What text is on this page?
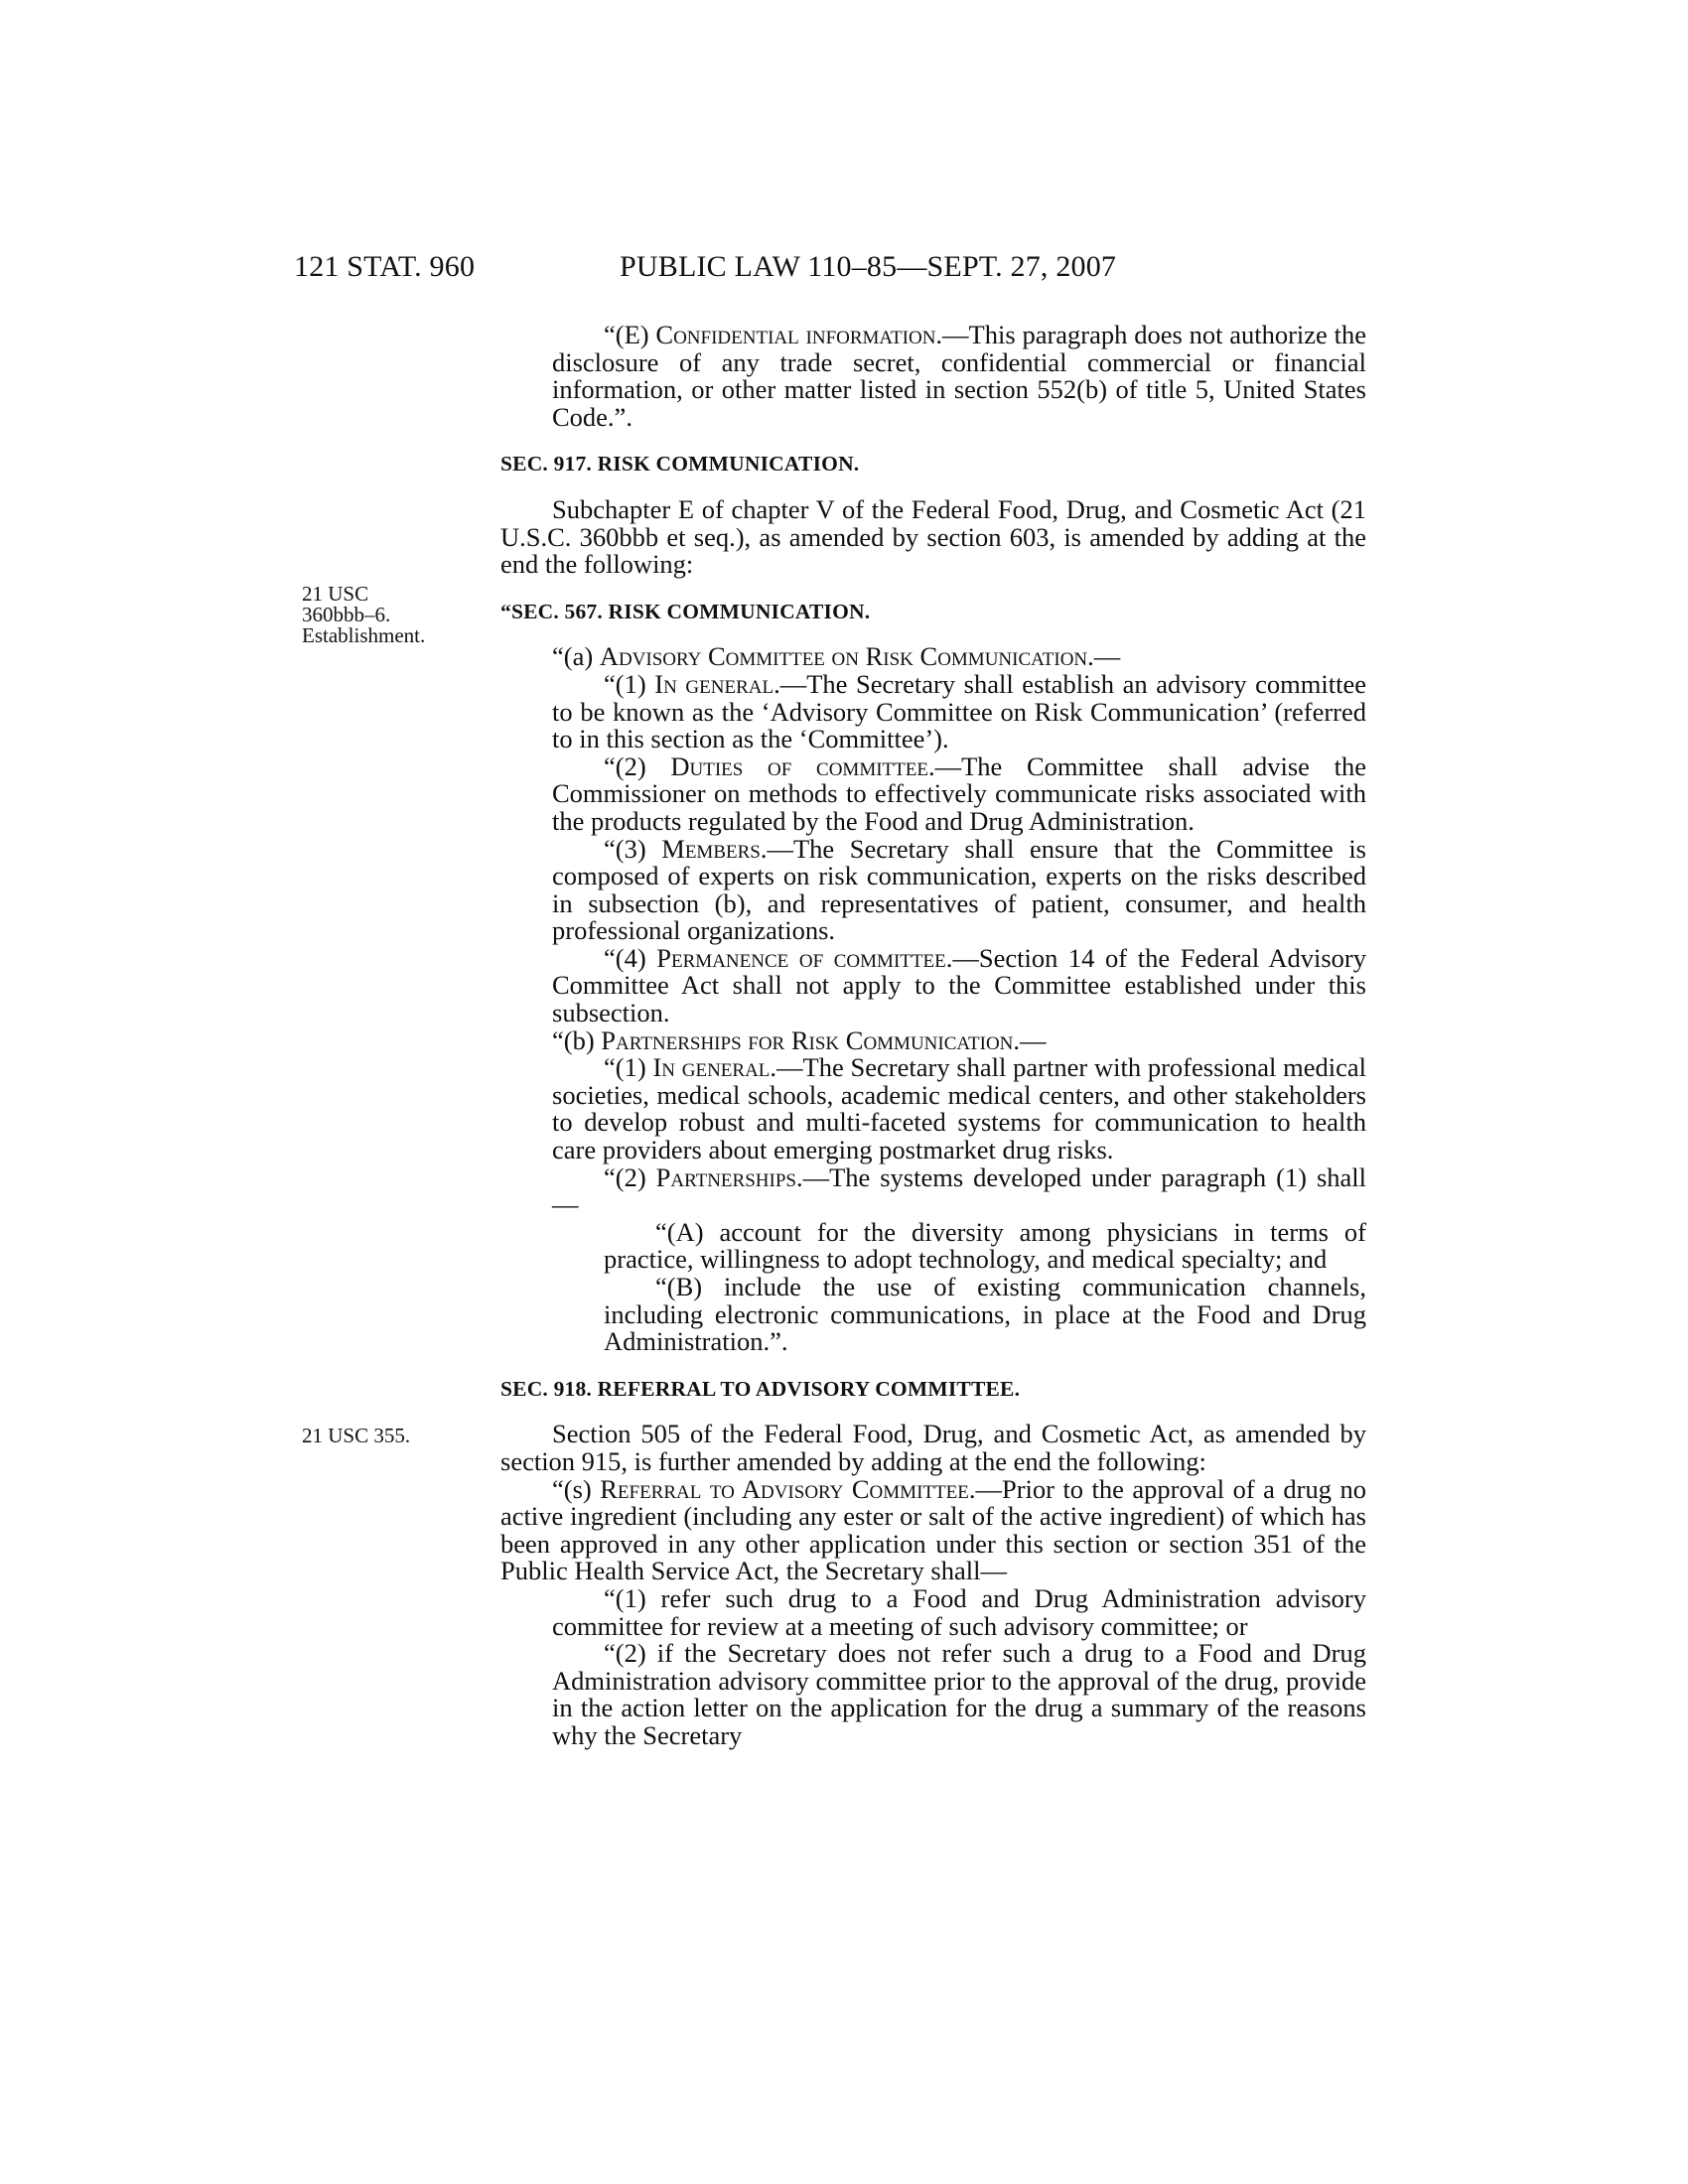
121 STAT. 960	PUBLIC LAW 110–85—SEPT. 27, 2007
21 USC
360bbb–6.
Establishment.
21 USC 355.

“(E) Confidential information.—This paragraph does not authorize the disclosure of any trade secret, confidential commercial or financial information, or other matter listed in section 552(b) of title 5, United States Code.”.

SEC. 917. RISK COMMUNICATION.

Subchapter E of chapter V of the Federal Food, Drug, and Cosmetic Act (21 U.S.C. 360bbb et seq.), as amended by section 603, is amended by adding at the end the following:

“SEC. 567. RISK COMMUNICATION.

“(a) Advisory Committee on Risk Communication.—

“(1) In general.—The Secretary shall establish an advisory committee to be known as the ‘Advisory Committee on Risk Communication’ (referred to in this section as the ‘Committee’).

“(2) Duties of committee.—The Committee shall advise the Commissioner on methods to effectively communicate risks associated with the products regulated by the Food and Drug Administration.

“(3) Members.—The Secretary shall ensure that the Committee is composed of experts on risk communication, experts on the risks described in subsection (b), and representatives of patient, consumer, and health professional organizations.

“(4) Permanence of committee.—Section 14 of the Federal Advisory Committee Act shall not apply to the Committee established under this subsection.

“(b) Partnerships for Risk Communication.—

“(1) In general.—The Secretary shall partner with professional medical societies, medical schools, academic medical centers, and other stakeholders to develop robust and multi-faceted systems for communication to health care providers about emerging postmarket drug risks.

“(2) Partnerships.—The systems developed under paragraph (1) shall—

“(A) account for the diversity among physicians in terms of practice, willingness to adopt technology, and medical specialty; and

“(B) include the use of existing communication channels, including electronic communications, in place at the Food and Drug Administration.”.

SEC. 918. REFERRAL TO ADVISORY COMMITTEE.

Section 505 of the Federal Food, Drug, and Cosmetic Act, as amended by section 915, is further amended by adding at the end the following:

“(s) Referral to Advisory Committee.—Prior to the approval of a drug no active ingredient (including any ester or salt of the active ingredient) of which has been approved in any other application under this section or section 351 of the Public Health Service Act, the Secretary shall—

“(1) refer such drug to a Food and Drug Administration advisory committee for review at a meeting of such advisory committee; or

“(2) if the Secretary does not refer such a drug to a Food and Drug Administration advisory committee prior to the approval of the drug, provide in the action letter on the application for the drug a summary of the reasons why the Secretary
